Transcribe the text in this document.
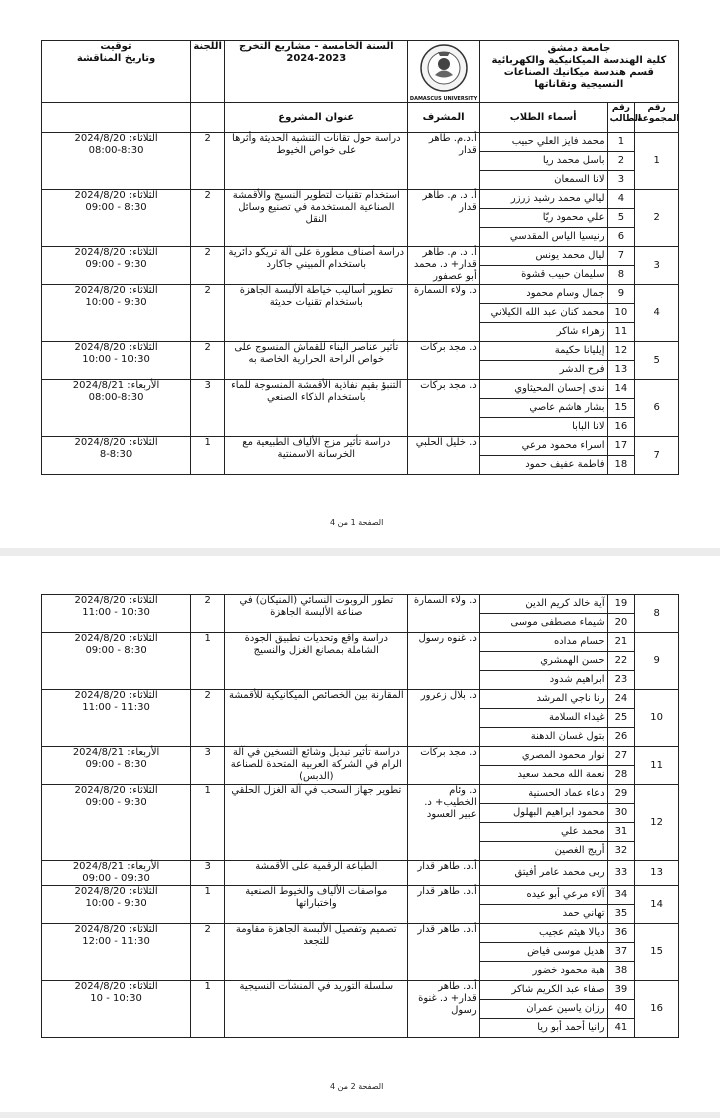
توقيت
وتاريخ المناقشة	اللجنة	السنة الخامسة - مشاريع التخرج
2024-2023	DAMASCUS UNIVERSITY	جامعة دمشق
كلية الهندسة الميكانيكية والكهربائية
قسم هندسة ميكانيك الصناعات النسيجية وتقاناتها		

		عنوان المشروع	المشرف	أسماء الطلاب	رقم
الطالب	رقم
المجموعة

الثلاثاء: 2024/8/20
08:00-8:30	2	دراسة حول تقانات التنشية الحديثة وأثرها على خواص الخيوط	أ.د.م. طاهر قدار	محمد فايز العلي حبيب	1	1
				باسل محمد ريا	2	
				لانا السمعان	3	

الثلاثاء: 2024/8/20
09:00 - 8:30	2	استخدام تقنيات لتطوير النسيج والأقمشة الصناعية المستخدمة في تصنيع وسائل النقل	أ. د. م. طاهر قدار	ليالي محمد رشيد زرزر	4	2
				علي محمود ريّا	5	
				رنيسيا الياس المقدسي	6	

الثلاثاء: 2024/8/20
09:00 - 9:30	2	دراسة أصناف مطورة على آلة تريكو دائرية باستخدام المبيني جاكارد	أ. د. م. طاهر قدار+ د. محمد أبو عصفور	ليال محمد يونس	7	3
				سليمان حبيب قشوة	8	

الثلاثاء: 2024/8/20
10:00 - 9:30	2	تطوير أساليب خياطة الألبسة الجاهزة باستخدام تقنيات حديثة	د. ولاء السمارة	جمال وسام محمود	9	4
				محمد كنان عبد الله الكيلاني	10	
				زهراء شاكر	11	

الثلاثاء: 2024/8/20
10:00 - 10:30	2	تأثير عناصر البناء للقماش المنسوج على خواص الراحة الحرارية الخاصة به	د. مجد بركات	إيليانا حكيمة	12	5
				فرح الدشر	13	

الأربعاء: 2024/8/21
08:00-8:30	3	التنبؤ بقيم نفاذية الأقمشة المنسوجة للماء باستخدام الذكاء الصنعي	د. مجد بركات	ندى إحسان المحيثاوي	14	6
				بشار هاشم عاصي	15	
				لانا البابا	16	

الثلاثاء: 2024/8/20
8-8:30	1	دراسة تأثير مزج الألياف الطبيعية مع الخرسانة الاسمنتية	د. خليل الحلبي	اسراء محمود مرعي	17	7
				فاطمة عفيف حمود	18	
الصفحة 1 من 4
الثلاثاء: 2024/8/20
11:00 - 10:30	2	تطور الروبوت النسائي (المنيكان) في صناعة الألبسة الجاهزة	د. ولاء السمارة	آية خالد كريم الدين	19	8
				شيماء مصطفى موسى	20	

الثلاثاء: 2024/8/20
09:00 - 8:30	1	دراسة واقع وتحديات تطبيق الجودة الشاملة بمصانع الغزل والنسيج	د. غنوه رسول	حسام مداده	21	9
				حسن الهمشري	22	
				ابراهيم شدود	23	

الثلاثاء: 2024/8/20
11:00 - 11:30	2	المقارنة بين الخصائص الميكانيكية للأقمشة	د. بلال زعرور	رنا ناجي المرشد	24	10
				غيداء السلامة	25	
				بتول غسان الدهنة	26	

الأربعاء: 2024/8/21
09:00 - 8:30	3	دراسة تأثير تبديل وشائع التسخين في آلة الرام في الشركة العربية المتحدة للصناعة (الدبس)	د. مجد بركات	نوار محمود المصري	27	11
				نعمة الله محمد سعيد	28	

الثلاثاء: 2024/8/20
09:00 - 9:30	1	تطوير جهاز السحب في آلة الغزل الحلقي	د. وئام الخطيب+ د. عبير العسود	دعاء عماد الحسنية	29	12
				محمود ابراهيم البهلول	30	
				محمد علي	31	
				أريج الغصين	32	

الأربعاء: 2024/8/21
09:00 - 09:30	3	الطباعة الرقمية على الأقمشة	أ.د. طاهر قدار	ربى محمد عامر أفيتق	33	13

الثلاثاء: 2024/8/20
10:00 - 9:30	1	مواصفات الألياف والخيوط الصنعية واختباراتها	أ.د. طاهر قدار	آلاء مرعي أبو عيده	34	14
				تهاني حمد	35	

الثلاثاء: 2024/8/20
12:00 - 11:30	2	تصميم وتفصيل الألبسة الجاهزة مقاومة للتجعد	أ.د. طاهر قدار	ديالا هيثم عجيب	36	15
				هديل موسى فياض	37	
				هبة محمود خضور	38	

الثلاثاء: 2024/8/20
10 - 10:30	1	سلسلة التوريد في المنشآت النسيجية	أ.د. طاهر قدار+ د. غنوة رسول	صفاء عبد الكريم شاكر	39	16
				رزان ياسين عمران	40	
				رانيا أحمد أبو ريا	41	
الصفحة 2 من 4
